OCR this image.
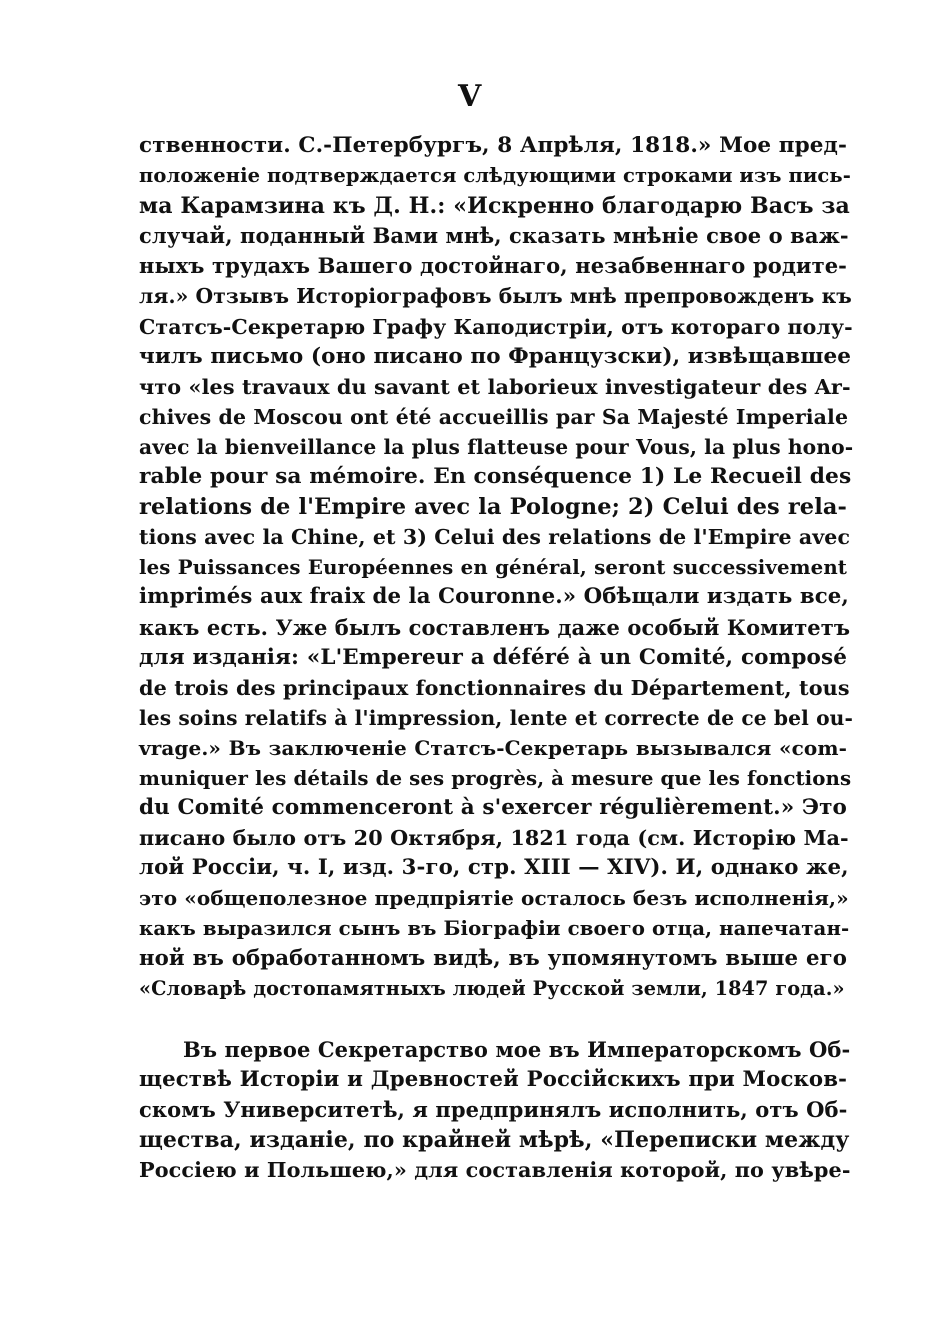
V
ственности. С.-Петербургъ, 8 Апрѣля, 1818.» Мое пред-
положеніе подтверждается слѣдующими строками изъ пись-
ма Карамзина къ Д. Н.: «Искренно благодарю Васъ за
случай, поданный Вами мнѣ, сказать мнѣніе свое о важ-
ныхъ трудахъ Вашего достойнаго, незабвеннаго родите-
ля.» Отзывъ Исторіографовъ былъ мнѣ препровожденъ къ
Статсъ-Секретарю Графу Каподистріи, отъ котораго полу-
чилъ письмо (оно писано по Французски), извѣщавшее
что «les travaux du savant et laborieux investigateur des Ar-
chives de Moscou ont été accueillis par Sa Majesté Imperiale
avec la bienveillance la plus flatteuse pour Vous, la plus hono-
rable pour sa mémoire. En conséquence 1) Le Recueil des
relations de l'Empire avec la Pologne; 2) Celui des rela-
tions avec la Chine, et 3) Celui des relations de l'Empire avec
les Puissances Européennes en général, seront successivement
imprimés aux fraix de la Couronne.» Обѣщали издать все,
какъ есть. Уже былъ составленъ даже особый Комитетъ
для изданія: «L'Empereur a déféré à un Comité, composé
de trois des principaux fonctionnaires du Département, tous
les soins relatifs à l'impression, lente et correcte de ce bel ou-
vrage.» Въ заключеніе Статсъ-Секретарь вызывался «com-
muniquer les détails de ses progrès, à mesure que les fonctions
du Comité commenceront à s'exercer régulièrement.» Это
писано было отъ 20 Октября, 1821 года (см. Исторію Ма-
лой Россіи, ч. I, изд. 3-го, стр. XIII — XIV). И, однако же,
это «общеполезное предпріятіе осталось безъ исполненія,»
какъ выразился сынъ въ Біографіи своего отца, напечатан-
ной въ обработанномъ видѣ, въ упомянутомъ выше его
«Словарѣ достопамятныхъ людей Русской земли, 1847 года.»
Въ первое Секретарство мое въ Императорскомъ Об-
ществѣ Исторіи и Древностей Россійскихъ при Москов-
скомъ Университетѣ, я предпринялъ исполнить, отъ Об-
щества, изданіе, по крайней мѣрѣ, «Переписки между
Россіею и Польшею,» для составленія которой, по увѣре-
